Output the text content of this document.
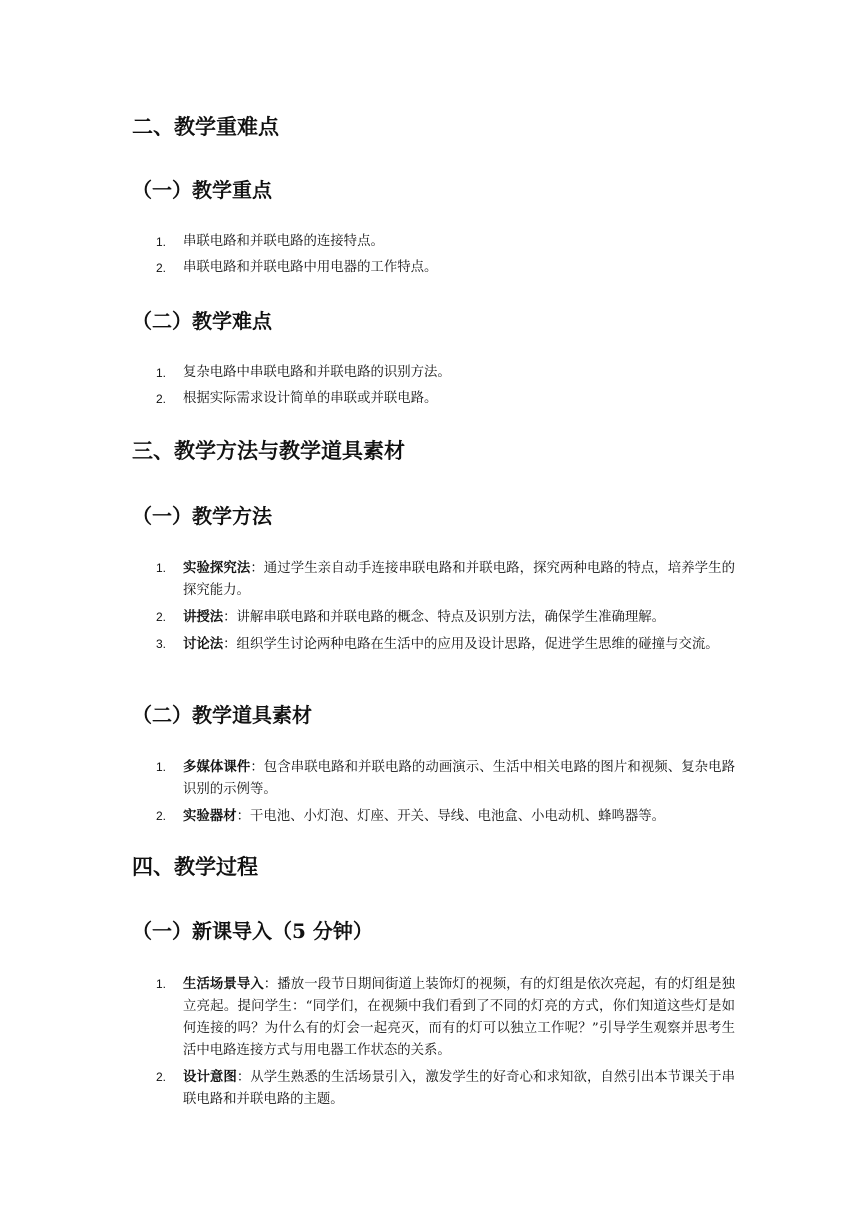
二、教学重难点
（一）教学重点
1. 串联电路和并联电路的连接特点。
2. 串联电路和并联电路中用电器的工作特点。
（二）教学难点
1. 复杂电路中串联电路和并联电路的识别方法。
2. 根据实际需求设计简单的串联或并联电路。
三、教学方法与教学道具素材
（一）教学方法
1. 实验探究法：通过学生亲自动手连接串联电路和并联电路，探究两种电路的特点，培养学生的探究能力。
2. 讲授法：讲解串联电路和并联电路的概念、特点及识别方法，确保学生准确理解。
3. 讨论法：组织学生讨论两种电路在生活中的应用及设计思路，促进学生思维的碰撞与交流。
（二）教学道具素材
1. 多媒体课件：包含串联电路和并联电路的动画演示、生活中相关电路的图片和视频、复杂电路识别的示例等。
2. 实验器材：干电池、小灯泡、灯座、开关、导线、电池盒、小电动机、蜂鸣器等。
四、教学过程
（一）新课导入（5 分钟）
1. 生活场景导入：播放一段节日期间街道上装饰灯的视频，有的灯组是依次亮起，有的灯组是独立亮起。提问学生：“同学们，在视频中我们看到了不同的灯亮的方式，你们知道这些灯是如何连接的吗？为什么有的灯会一起亮灭，而有的灯可以独立工作呢？”引导学生观察并思考生活中电路连接方式与用电器工作状态的关系。
2. 设计意图：从学生熟悉的生活场景引入，激发学生的好奇心和求知欲，自然引出本节课关于串联电路和并联电路的主题。
